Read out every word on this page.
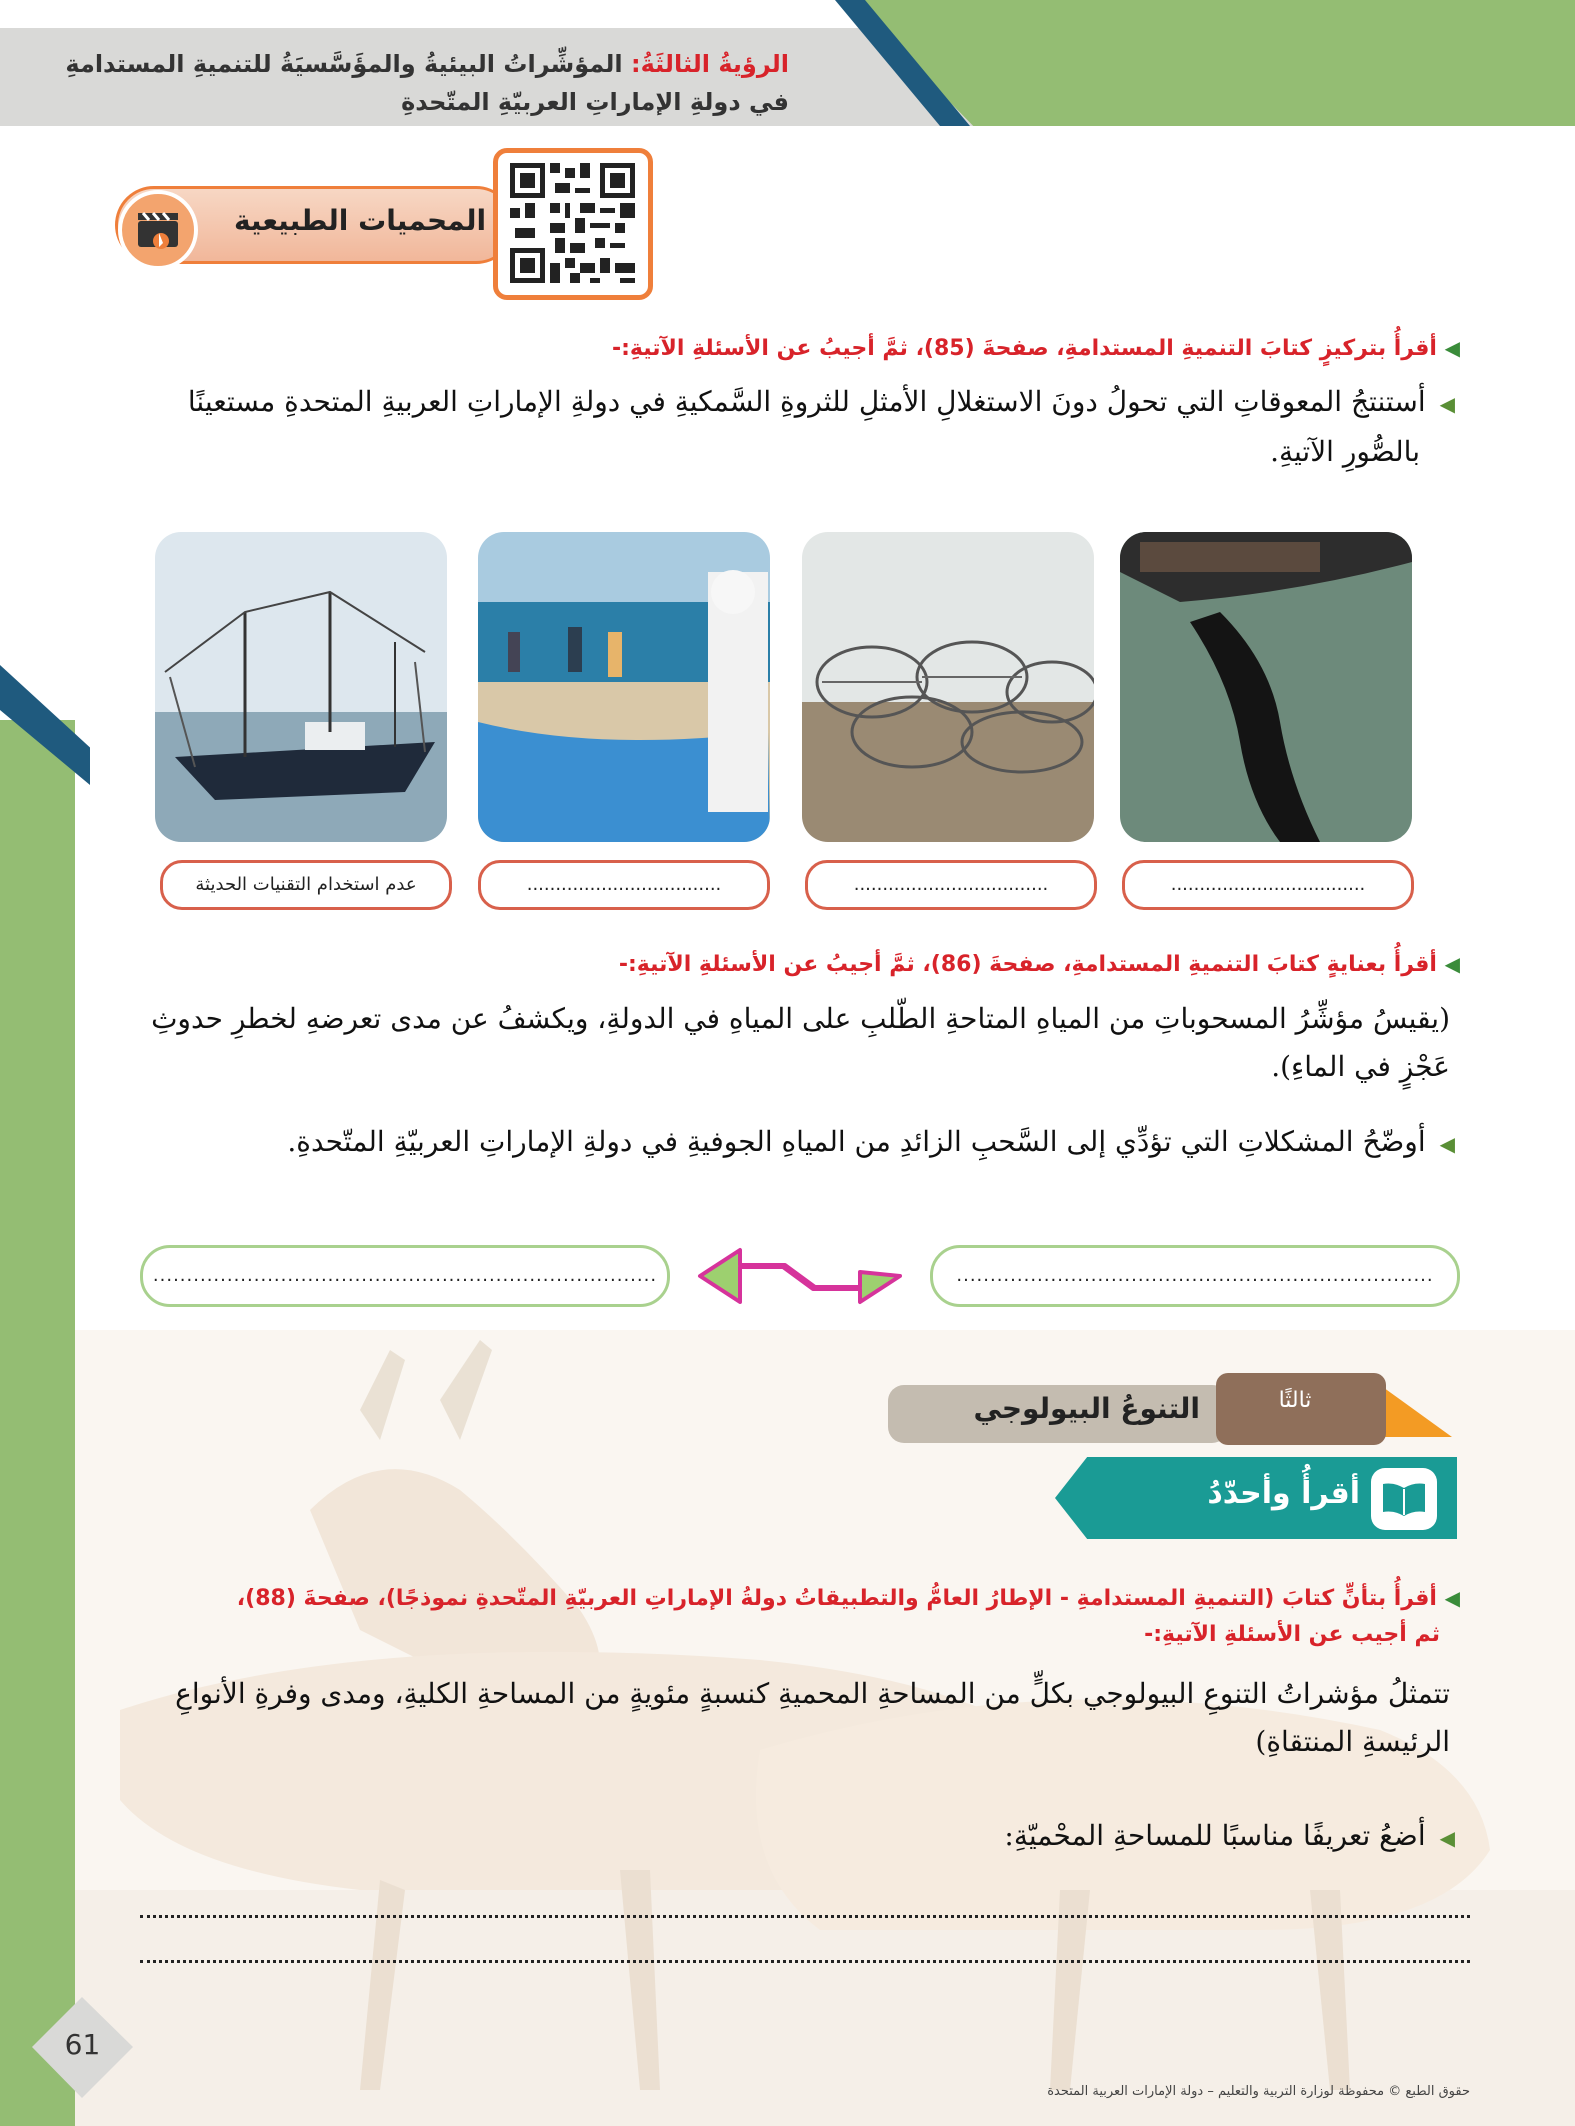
الرؤيةُ الثالثَةُ: المؤشِّراتُ البيئيةُ والمؤَسَّسيَةُ للتنميةِ المستدامةِ
في دولةِ الإماراتِ العربيّةِ المتّحدةِ
المحميات الطبيعية
◀ أقرأُ بتركيزٍ كتابَ التنميةِ المستدامةِ، صفحةَ (85)، ثمَّ أجيبُ عن الأسئلةِ الآتيةِ:-
◀أستنتجُ المعوقاتِ التي تحولُ دونَ الاستغلالِ الأمثلِ للثروةِ السَّمكيةِ في دولةِ الإماراتِ العربيةِ المتحدةِ مستعينًا
بالصُّورِ الآتيةِ.
عدم استخدام التقنيات الحديثة	..................................	..................................	..................................
◀ أقرأُ بعنايةٍ كتابَ التنميةِ المستدامةِ، صفحةَ (86)، ثمَّ أجيبُ عن الأسئلةِ الآتيةِ:-
(يقيسُ مؤشِّرُ المسحوباتِ من المياهِ المتاحةِ الطّلبِ على المياهِ في الدولةِ، ويكشفُ عن مدى تعرضهِ لخطرِ حدوثِ
عَجْزٍ في الماءِ).
◀أوضّحُ المشكلاتِ التي تؤدِّي إلى السَّحبِ الزائدِ من المياهِ الجوفيةِ في دولةِ الإماراتِ العربيّةِ المتّحدةِ.
...........................................................................	.......................................................................
ثالثًا
التنوعُ البيولوجي
أقرأُ وأحدّدُ
◀ أقرأُ بتأنٍّ كتابَ (التنميةِ المستدامةِ - الإطارُ العامُّ والتطبيقاتُ دولةُ الإماراتِ العربيّةِ المتّحدةِ نموذجًا)، صفحةَ (88)،
ثم أجيب عن الأسئلةِ الآتيةِ:-
تتمثلُ مؤشراتُ التنوعِ البيولوجي بكلٍّ من المساحةِ المحميةِ كنسبةٍ مئويةٍ من المساحةِ الكليةِ، ومدى وفرةِ الأنواعِ
الرئيسةِ المنتقاةِ)
◀أضعُ تعريفًا مناسبًا للمساحةِ المحْميّةِ:
61
حقوق الطبع © محفوظة لوزارة التربية والتعليم – دولة الإمارات العربية المتحدة
